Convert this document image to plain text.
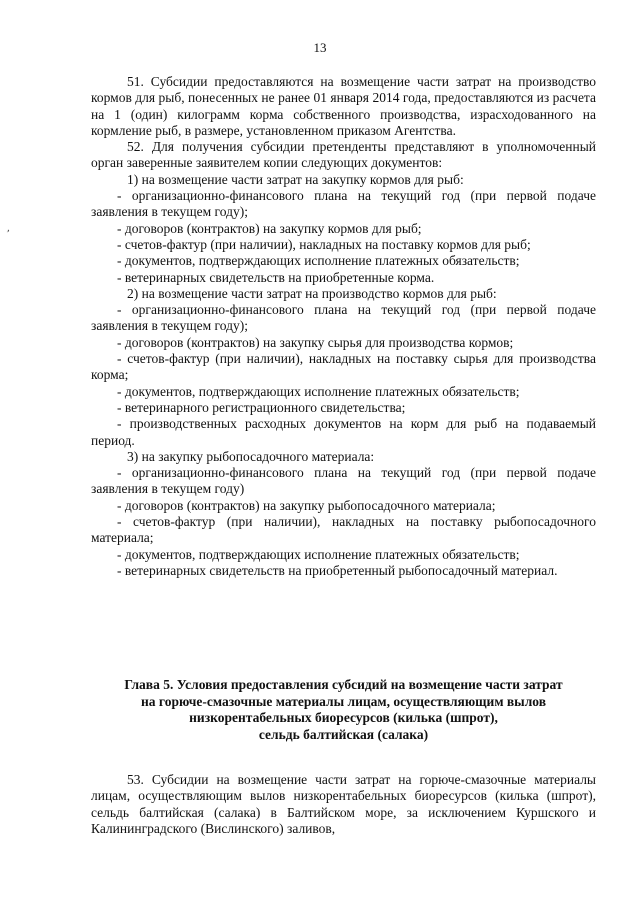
13
,

51. Субсидии предоставляются на возмещение части затрат на производство кормов для рыб, понесенных не ранее 01 января 2014 года, предоставляются из расчета на 1 (один) килограмм корма собственного производства, израсходованного на кормление рыб, в размере, установленном приказом Агентства.

52. Для получения субсидии претенденты представляют в уполномоченный орган заверенные заявителем копии следующих документов:

1) на возмещение части затрат на закупку кормов для рыб:

- организационно-финансового плана на текущий год (при первой подаче заявления в текущем году);

- договоров (контрактов) на закупку кормов для рыб;

- счетов-фактур (при наличии), накладных на поставку кормов для рыб;

- документов, подтверждающих исполнение платежных обязательств;

- ветеринарных свидетельств на приобретенные корма.

2) на возмещение части затрат на производство кормов для рыб:

- организационно-финансового плана на текущий год (при первой подаче заявления в текущем году);

- договоров (контрактов) на закупку сырья для производства кормов;

- счетов-фактур (при наличии), накладных на поставку сырья для производства корма;

- документов, подтверждающих исполнение платежных обязательств;

- ветеринарного регистрационного свидетельства;

- производственных расходных документов на корм для рыб на подаваемый период.

3) на закупку рыбопосадочного материала:

- организационно-финансового плана на текущий год (при первой подаче заявления в текущем году)

- договоров (контрактов) на закупку рыбопосадочного материала;

- счетов-фактур (при наличии), накладных на поставку рыбопосадочного материала;

- документов, подтверждающих исполнение платежных обязательств;

- ветеринарных свидетельств на приобретенный рыбопосадочный материал.

Глава 5. Условия предоставления субсидий на возмещение части затрат
на горюче-смазочные материалы лицам, осуществляющим вылов
низкорентабельных биоресурсов (килька (шпрот),
сельдь балтийская (салака)

53. Субсидии на возмещение части затрат на горюче-смазочные материалы лицам, осуществляющим вылов низкорентабельных биоресурсов (килька (шпрот), сельдь балтийская (салака) в Балтийском море, за исключением Куршского и Калининградского (Вислинского) заливов,
